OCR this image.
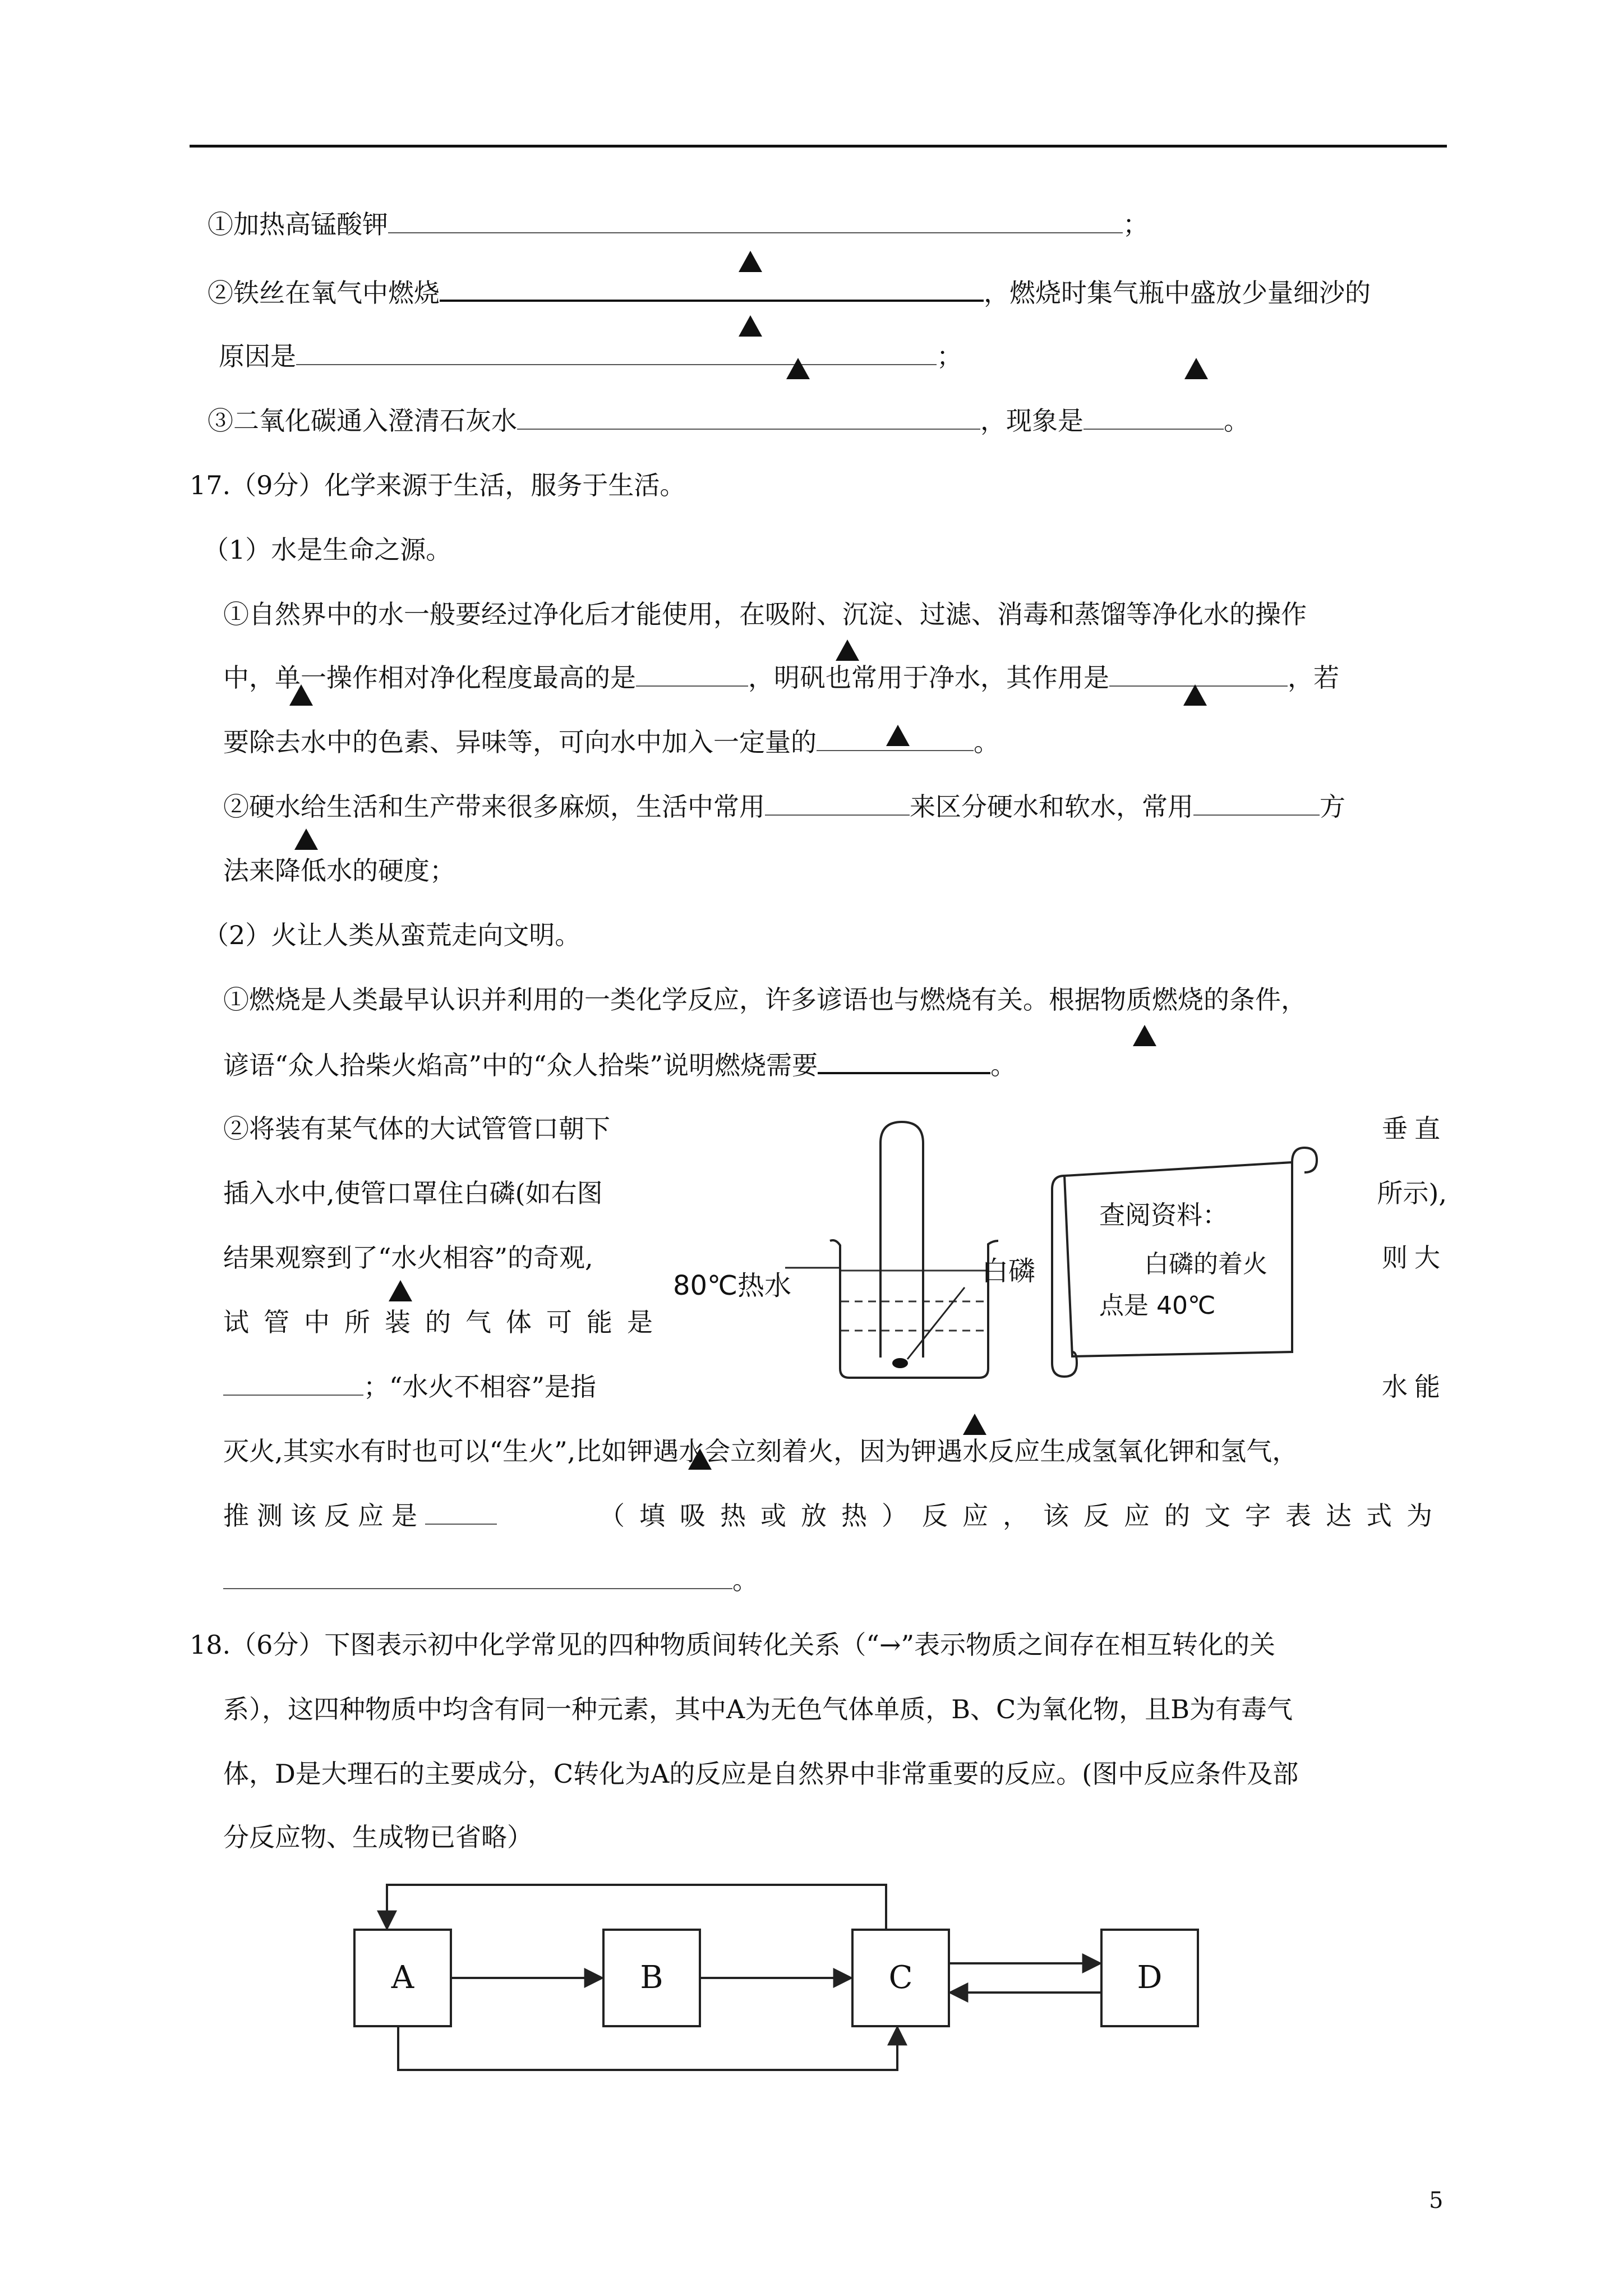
①加热高锰酸钾	；
②铁丝在氧气中燃烧	，燃烧时集气瓶中盛放少量细沙的
原因是	；
③二氧化碳通入澄清石灰水	，现象是	。
17.（9分）化学来源于生活，服务于生活。
（1）水是生命之源。
①自然界中的水一般要经过净化后才能使用，在吸附、沉淀、过滤、消毒和蒸馏等净化水的操作
中，单一操作相对净化程度最高的是	，明矾也常用于净水，其作用是	，若
要除去水中的色素、异味等，可向水中加入一定量的	。
②硬水给生活和生产带来很多麻烦，生活中常用	来区分硬水和软水，常用	方
法来降低水的硬度；
（2）火让人类从蛮荒走向文明。
①燃烧是人类最早认识并利用的一类化学反应，许多谚语也与燃烧有关。根据物质燃烧的条件，
谚语“众人拾柴火焰高”中的“众人拾柴”说明燃烧需要	。
②将装有某气体的大试管管口朝下	垂直
插入水中,使管口罩住白磷(如右图	所示),
结果观察到了“水火相容”的奇观,	则大
试管中所装的气体可能是
；“水火不相容”是指	水能
灭火,其实水有时也可以“生火”,比如钾遇水会立刻着火，因为钾遇水反应生成氢氧化钾和氢气，
推测该反应是	（填吸热或放热）反应，该反应的文字表达式为
。
80℃热水	白磷
查阅资料：
白磷的着火
点是 40℃
18.（6分）下图表示初中化学常见的四种物质间转化关系（“→”表示物质之间存在相互转化的关
系），这四种物质中均含有同一种元素，其中A为无色气体单质，B、C为氧化物，且B为有毒气
体，D是大理石的主要成分，C转化为A的反应是自然界中非常重要的反应。(图中反应条件及部
分反应物、生成物已省略）
A	B	C	D
5
